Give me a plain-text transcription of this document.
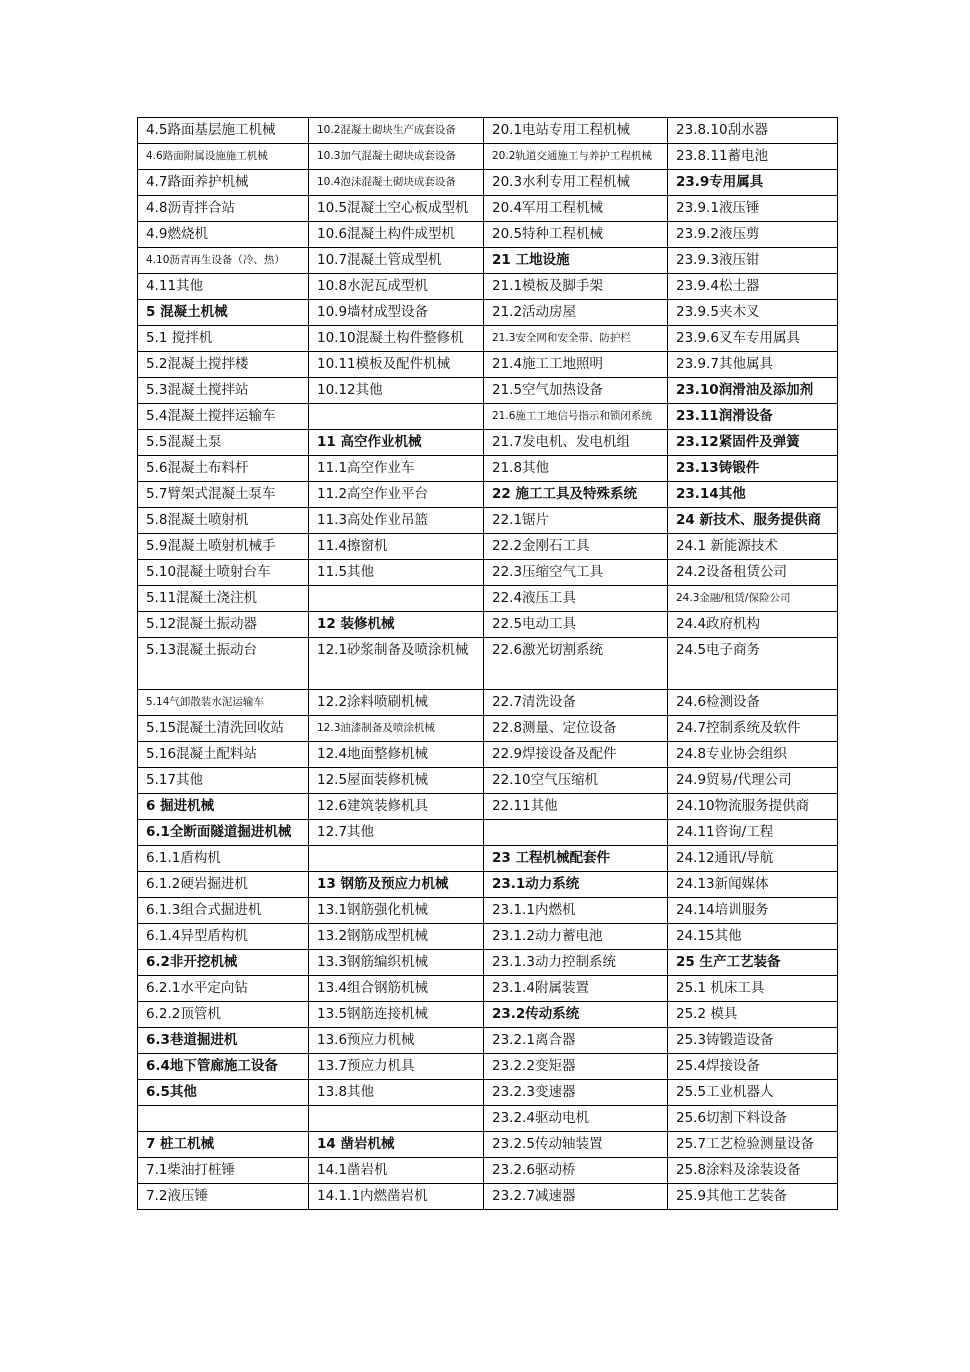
4.5路面基层施工机械	10.2混凝土砌块生产成套设备	20.1电站专用工程机械	23.8.10刮水器
4.6路面附属设施施工机械	10.3加气混凝土砌块成套设备	20.2轨道交通施工与养护工程机械	23.8.11蓄电池
4.7路面养护机械	10.4泡沫混凝土砌块成套设备	20.3水利专用工程机械	23.9专用属具
4.8沥青拌合站	10.5混凝土空心板成型机	20.4军用工程机械	23.9.1液压锤
4.9燃烧机	10.6混凝土构件成型机	20.5特种工程机械	23.9.2液压剪
4.10沥青再生设备（冷、热）	10.7混凝土管成型机	21 工地设施	23.9.3液压钳
4.11其他	10.8水泥瓦成型机	21.1模板及脚手架	23.9.4松土器
5 混凝土机械	10.9墙材成型设备	21.2活动房屋	23.9.5夹木叉
5.1 搅拌机	10.10混凝土构件整修机	21.3安全网和安全带、防护栏	23.9.6叉车专用属具
5.2混凝土搅拌楼	10.11模板及配件机械	21.4施工工地照明	23.9.7其他属具
5.3混凝土搅拌站	10.12其他	21.5空气加热设备	23.10润滑油及添加剂
5.4混凝土搅拌运输车		21.6施工工地信号指示和锁闭系统	23.11润滑设备
5.5混凝土泵	11 高空作业机械	21.7发电机、发电机组	23.12紧固件及弹簧
5.6混凝土布料杆	11.1高空作业车	21.8其他	23.13铸锻件
5.7臂架式混凝土泵车	11.2高空作业平台	22 施工工具及特殊系统	23.14其他
5.8混凝土喷射机	11.3高处作业吊篮	22.1锯片	24 新技术、服务提供商
5.9混凝土喷射机械手	11.4擦窗机	22.2金刚石工具	24.1 新能源技术
5.10混凝土喷射台车	11.5其他	22.3压缩空气工具	24.2设备租赁公司
5.11混凝土浇注机		22.4液压工具	24.3金融/租赁/保险公司
5.12混凝土振动器	12 装修机械	22.5电动工具	24.4政府机构
5.13混凝土振动台	12.1砂浆制备及喷涂机械	22.6激光切割系统	24.5电子商务
5.14气卸散装水泥运输车	12.2涂料喷刷机械	22.7清洗设备	24.6检测设备
5.15混凝土清洗回收站	12.3油漆制备及喷涂机械	22.8测量、定位设备	24.7控制系统及软件
5.16混凝土配料站	12.4地面整修机械	22.9焊接设备及配件	24.8专业协会组织
5.17其他	12.5屋面装修机械	22.10空气压缩机	24.9贸易/代理公司
6 掘进机械	12.6建筑装修机具	22.11其他	24.10物流服务提供商
6.1全断面隧道掘进机械	12.7其他		24.11咨询/工程
6.1.1盾构机		23 工程机械配套件	24.12通讯/导航
6.1.2硬岩掘进机	13 钢筋及预应力机械	23.1动力系统	24.13新闻媒体
6.1.3组合式掘进机	13.1钢筋强化机械	23.1.1内燃机	24.14培训服务
6.1.4异型盾构机	13.2钢筋成型机械	23.1.2动力蓄电池	24.15其他
6.2非开挖机械	13.3钢筋编织机械	23.1.3动力控制系统	25 生产工艺装备
6.2.1水平定向钻	13.4组合钢筋机械	23.1.4附属装置	25.1 机床工具
6.2.2顶管机	13.5钢筋连接机械	23.2传动系统	25.2 模具
6.3巷道掘进机	13.6预应力机械	23.2.1离合器	25.3铸锻造设备
6.4地下管廊施工设备	13.7预应力机具	23.2.2变矩器	25.4焊接设备
6.5其他	13.8其他	23.2.3变速器	25.5工业机器人
		23.2.4驱动电机	25.6切割下料设备
7 桩工机械	14 凿岩机械	23.2.5传动轴装置	25.7工艺检验测量设备
7.1柴油打桩锤	14.1凿岩机	23.2.6驱动桥	25.8涂料及涂装设备
7.2液压锤	14.1.1内燃凿岩机	23.2.7减速器	25.9其他工艺装备
